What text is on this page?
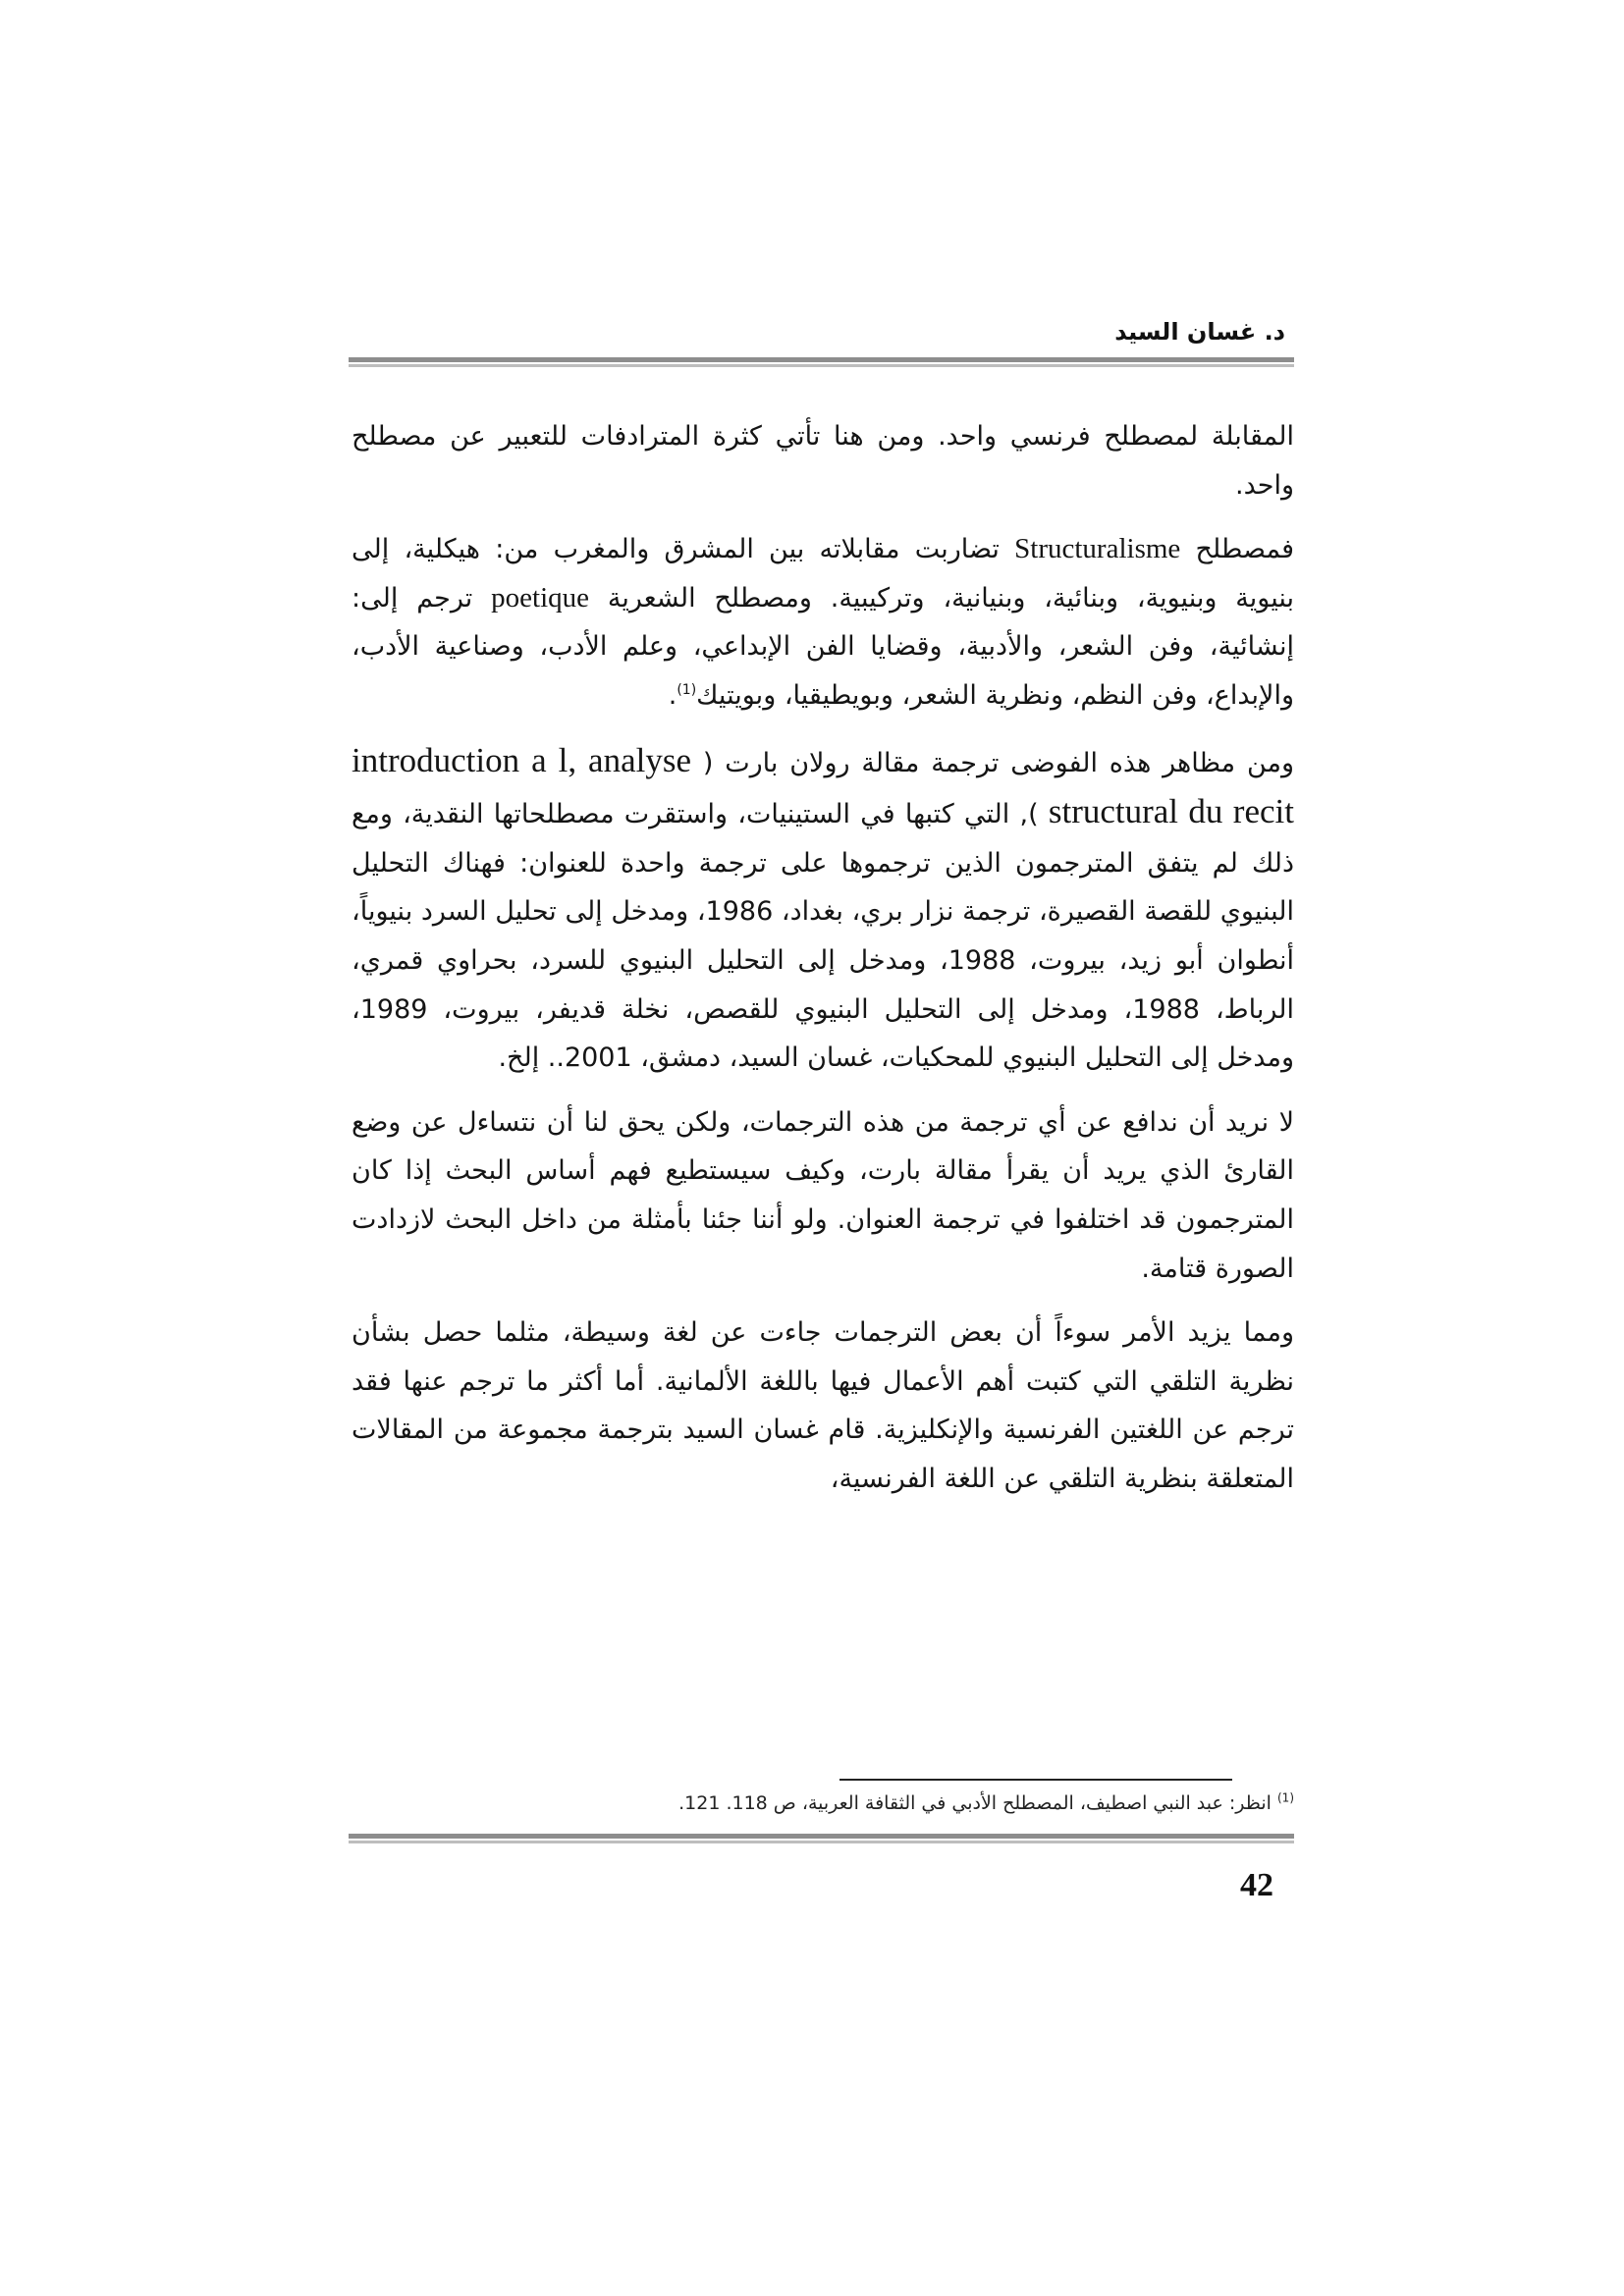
د. غسان السيد

المقابلة لمصطلح فرنسي واحد. ومن هنا تأتي كثرة المترادفات للتعبير عن مصطلح واحد.

فمصطلح Structuralisme تضاربت مقابلاته بين المشرق والمغرب من: هيكلية، إلى بنيوية وبنيوية، وبنائية، وبنيانية، وتركيبية. ومصطلح الشعرية poetique ترجم إلى: إنشائية، وفن الشعر، والأدبية، وقضايا الفن الإبداعي، وعلم الأدب، وصناعية الأدب، والإبداع، وفن النظم، ونظرية الشعر، وبويطيقيا، وبويتيك$^{(1)}$.

ومن مظاهر هذه الفوضى ترجمة مقالة رولان بارت ( introduction a l, analyse structural du recit ), التي كتبها في الستينيات، واستقرت مصطلحاتها النقدية، ومع ذلك لم يتفق المترجمون الذين ترجموها على ترجمة واحدة للعنوان: فهناك التحليل البنيوي للقصة القصيرة، ترجمة نزار بري، بغداد، 1986، ومدخل إلى تحليل السرد بنيوياً، أنطوان أبو زيد، بيروت، 1988، ومدخل إلى التحليل البنيوي للسرد، بحراوي قمري، الرباط، 1988، ومدخل إلى التحليل البنيوي للقصص، نخلة قديفر، بيروت، 1989، ومدخل إلى التحليل البنيوي للمحكيات، غسان السيد، دمشق، 2001.. إلخ.

لا نريد أن ندافع عن أي ترجمة من هذه الترجمات، ولكن يحق لنا أن نتساءل عن وضع القارئ الذي يريد أن يقرأ مقالة بارت، وكيف سيستطيع فهم أساس البحث إذا كان المترجمون قد اختلفوا في ترجمة العنوان. ولو أننا جئنا بأمثلة من داخل البحث لازدادت الصورة قتامة.

ومما يزيد الأمر سوءاً أن بعض الترجمات جاءت عن لغة وسيطة، مثلما حصل بشأن نظرية التلقي التي كتبت أهم الأعمال فيها باللغة الألمانية. أما أكثر ما ترجم عنها فقد ترجم عن اللغتين الفرنسية والإنكليزية. قام غسان السيد بترجمة مجموعة من المقالات المتعلقة بنظرية التلقي عن اللغة الفرنسية،

$^{(1)}$ انظر: عبد النبي اصطيف، المصطلح الأدبي في الثقافة العربية، ص 118. 121.
42
